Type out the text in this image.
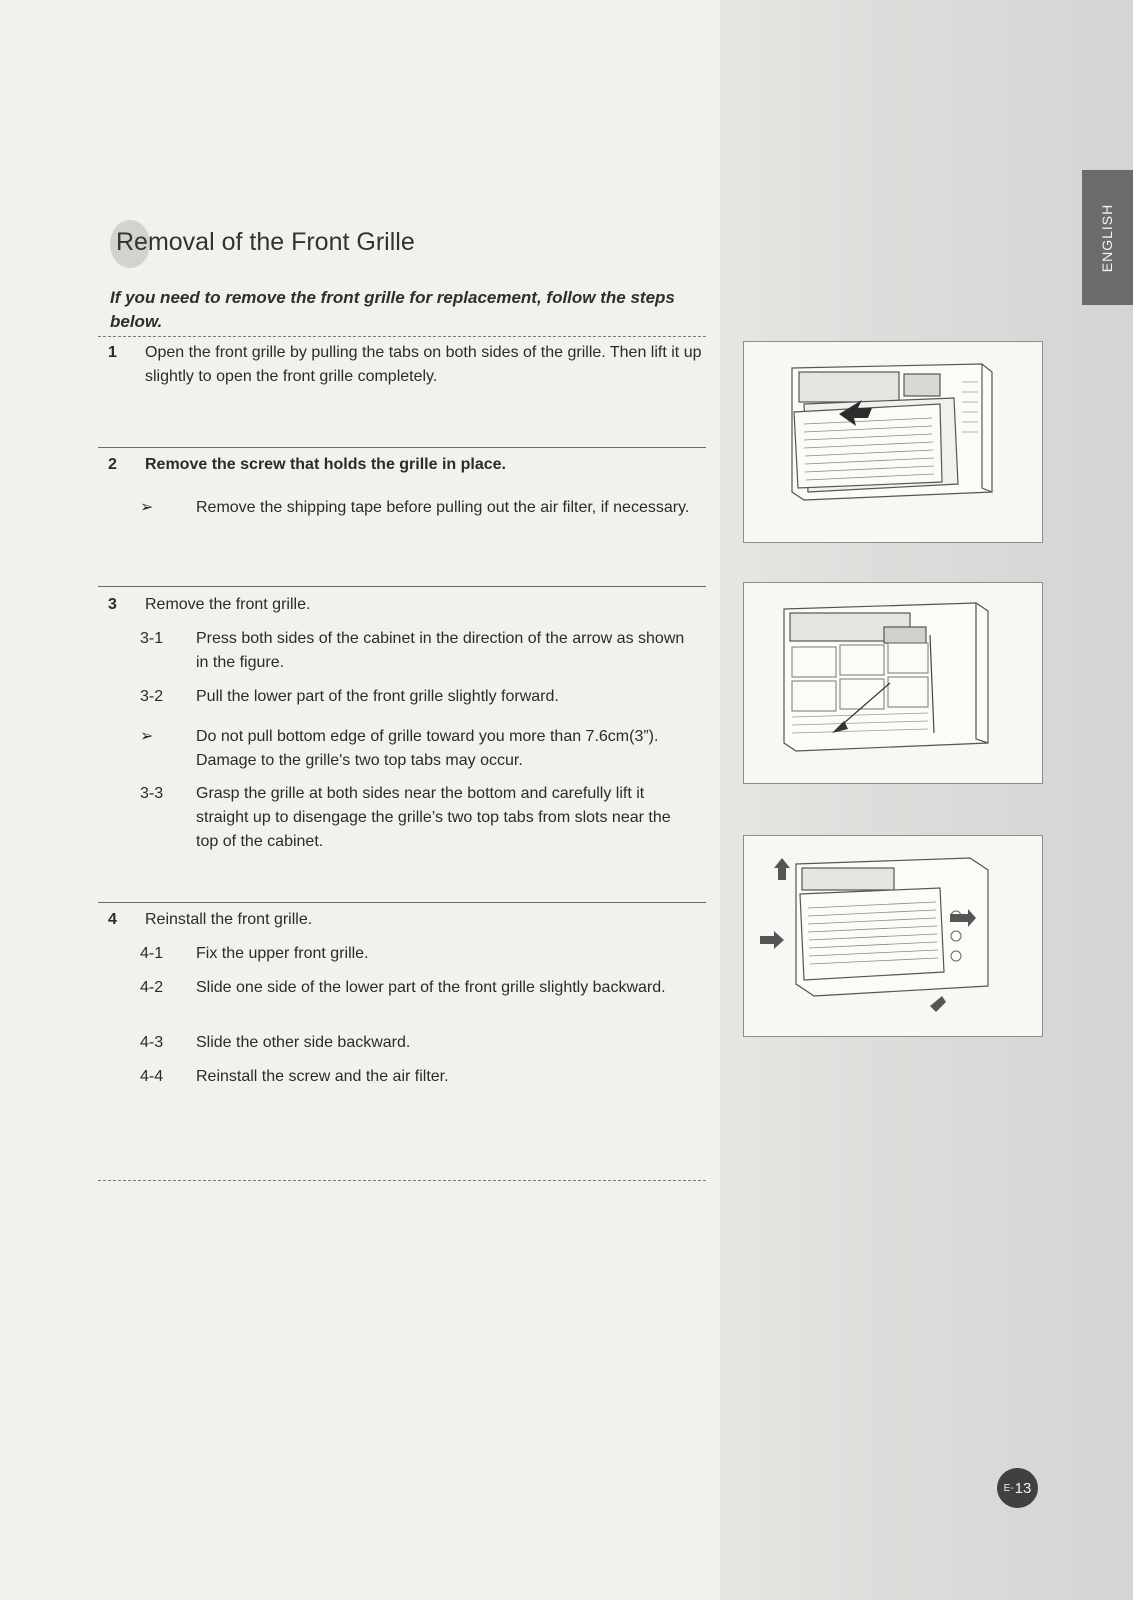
ENGLISH
Removal of the Front Grille
If you need to remove the front grille for replacement, follow the steps below.
1	Open the front grille by pulling the tabs on both sides of the grille. Then lift it up slightly to open the front grille completely.
2	Remove the screw that holds the grille in place.
➢	Remove the shipping tape before pulling out the air filter, if necessary.
3	Remove the front grille.
3-1	Press both sides of the cabinet in the direction of the arrow as shown in the figure.
3-2	Pull the lower part of the front grille slightly forward.
➢	Do not pull bottom edge of grille toward you more than 7.6cm(3”). Damage to the grille's two top tabs may occur.
3-3	Grasp the grille at both sides near the bottom and carefully lift it straight up to disengage the grille’s two top tabs from slots near the top of the cabinet.
4	Reinstall the front grille.
4-1	Fix the upper front grille.
4-2	Slide one side of the lower part of the front grille slightly backward.
4-3	Slide the other side backward.
4-4	Reinstall the screw and the air filter.
E- 13
